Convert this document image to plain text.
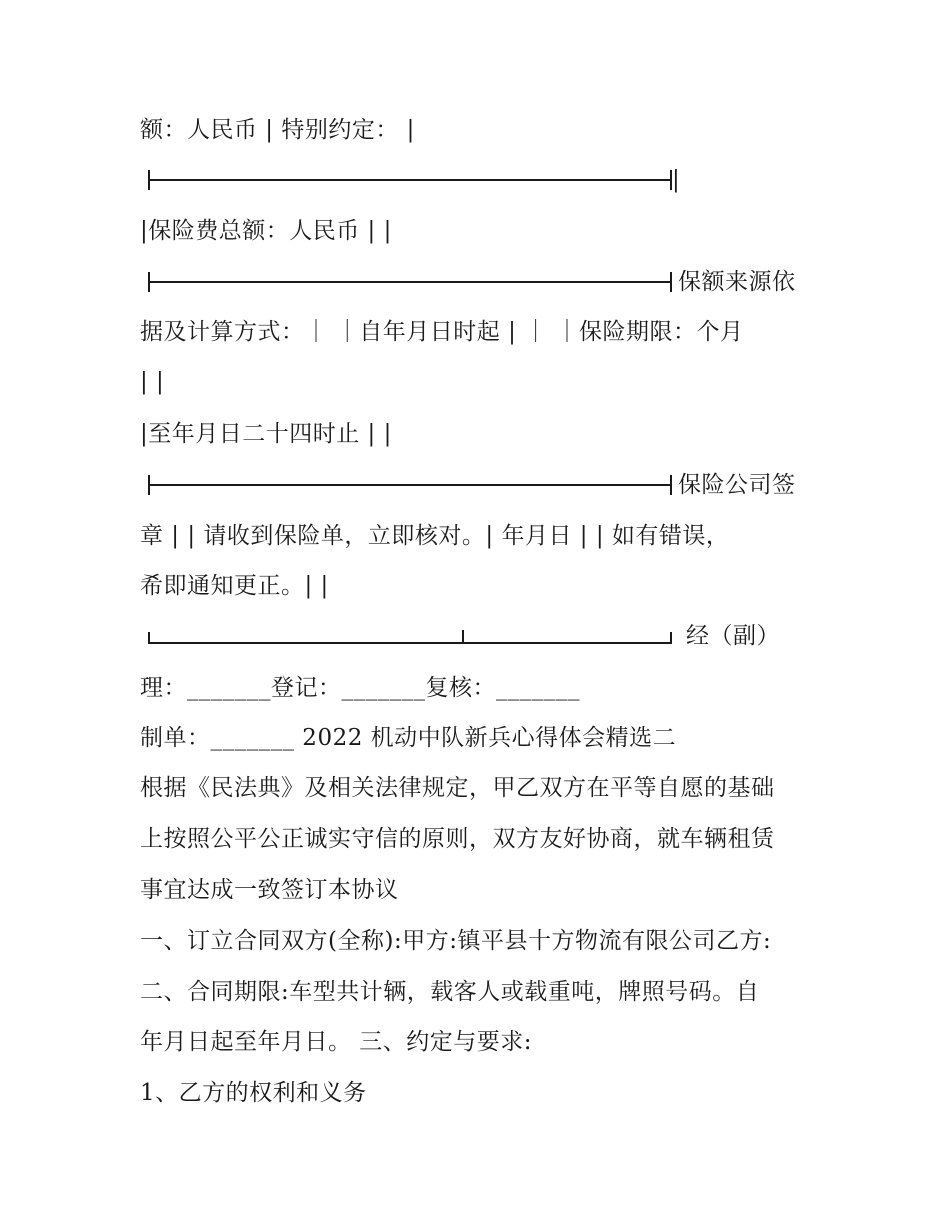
额：人民币 | 特别约定： |
|
|保险费总额：人民币 | |
保额来源依
据及计算方式：｜ ｜自年月日时起 | ｜ ｜保险期限：个月
| |
|至年月日二十四时止 | |
保险公司签
章 | | 请收到保险单，立即核对。| 年月日 | | 如有错误，
希即通知更正。| |
经（副）
理：_______登记：_______复核：_______
制单：_______ 2022 机动中队新兵心得体会精选二
根据《民法典》及相关法律规定，甲乙双方在平等自愿的基础
上按照公平公正诚实守信的原则，双方友好协商，就车辆租赁
事宜达成一致签订本协议
一、订立合同双方(全称):甲方:镇平县十方物流有限公司乙方:
二、合同期限:车型共计辆，载客人或载重吨，牌照号码。自
年月日起至年月日。 三、约定与要求:
1、乙方的权利和义务
